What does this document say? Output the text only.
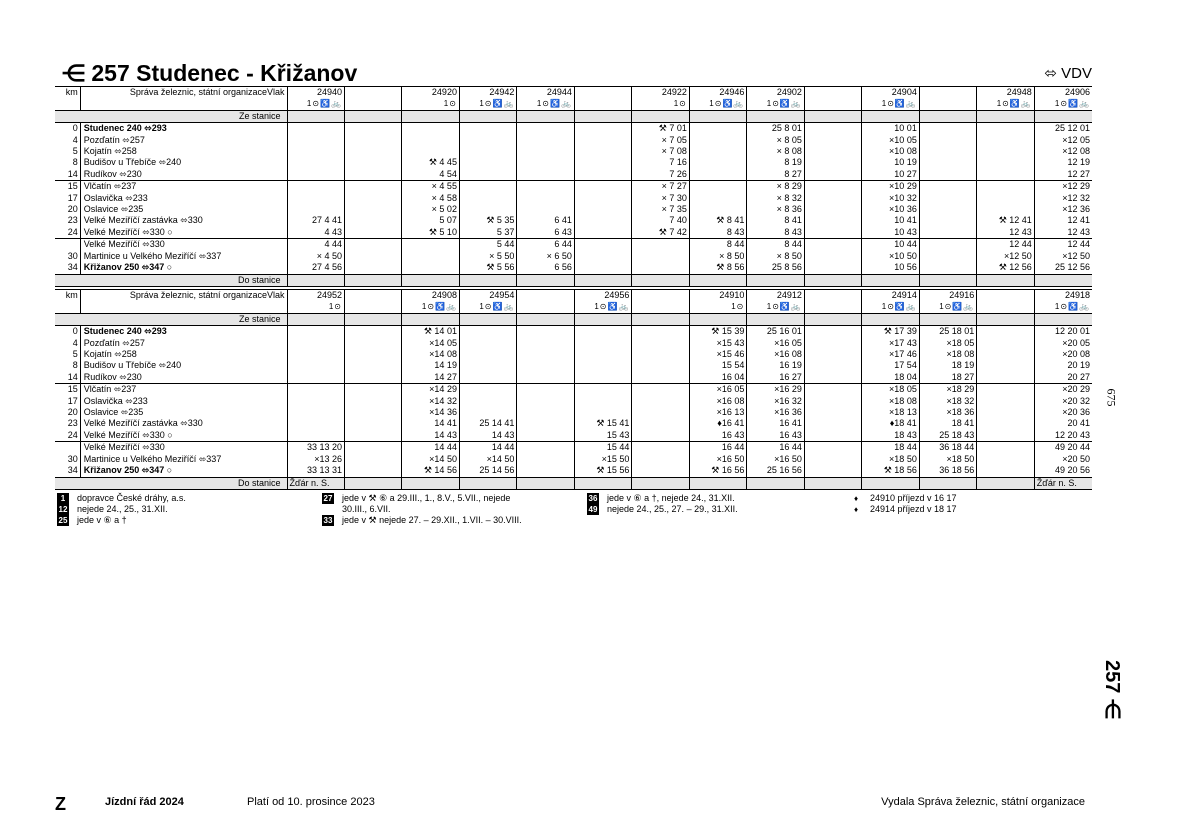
⋲ 257 Studenec - Křižanov	⬄ VDV
km	Správa železnic, státní organizace Vlak	24940		24920	24942	24944		24922	24946	24902		24904		24948	24906
		1⊙♿🚲		1⊙	1⊙♿🚲	1⊙♿🚲		1⊙	1⊙♿🚲	1⊙♿🚲		1⊙♿🚲		1⊙♿🚲	1⊙♿🚲
Ze stanice															
0	Studenec 240 ⬄293							⚒ 7 01		25 8 01		10 01			25 12 01
4	Pozďatín ⬄257							× 7 05		× 8 05		×10 05			×12 05
5	Kojatín ⬄258							× 7 08		× 8 08		×10 08			×12 08
8	Budišov u Třebíče ⬄240			⚒ 4 45				7 16		8 19		10 19			12 19
14	Rudíkov ⬄230			4 54				7 26		8 27		10 27			12 27
15	Vlčatín ⬄237			× 4 55				× 7 27		× 8 29		×10 29			×12 29
17	Oslavička ⬄233			× 4 58				× 7 30		× 8 32		×10 32			×12 32
20	Oslavice ⬄235			× 5 02				× 7 35		× 8 36		×10 36			×12 36
23	Velké Meziříčí zastávka ⬄330	27 4 41		5 07	⚒ 5 35	6 41		7 40	⚒ 8 41	8 41		10 41		⚒ 12 41	12 41
24	Velké Meziříčí ⬄330 ○	4 43		⚒ 5 10	5 37	6 43		⚒ 7 42	8 43	8 43		10 43		12 43	12 43
	Velké Meziříčí ⬄330	4 44			5 44	6 44			8 44	8 44		10 44		12 44	12 44
30	Martinice u Velkého Meziříčí ⬄337	× 4 50			× 5 50	× 6 50			× 8 50	× 8 50		×10 50		×12 50	×12 50
34	Křižanov 250 ⬄347 ○	27 4 56			⚒ 5 56	6 56			⚒ 8 56	25 8 56		10 56		⚒ 12 56	25 12 56
Do stanice															
km	Správa železnic, státní organizace Vlak	24952		24908	24954		24956		24910	24912		24914	24916		24918
		1⊙		1⊙♿🚲	1⊙♿🚲		1⊙♿🚲		1⊙	1⊙♿🚲		1⊙♿🚲	1⊙♿🚲		1⊙♿🚲
Ze stanice															
0	Studenec 240 ⬄293			⚒ 14 01					⚒ 15 39	25 16 01		⚒ 17 39	25 18 01		12 20 01
4	Pozďatín ⬄257			×14 05					×15 43	×16 05		×17 43	×18 05		×20 05
5	Kojatín ⬄258			×14 08					×15 46	×16 08		×17 46	×18 08		×20 08
8	Budišov u Třebíče ⬄240			14 19					15 54	16 19		17 54	18 19		20 19
14	Rudíkov ⬄230			14 27					16 04	16 27		18 04	18 27		20 27
15	Vlčatín ⬄237			×14 29					×16 05	×16 29		×18 05	×18 29		×20 29
17	Oslavička ⬄233			×14 32					×16 08	×16 32		×18 08	×18 32		×20 32
20	Oslavice ⬄235			×14 36					×16 13	×16 36		×18 13	×18 36		×20 36
23	Velké Meziříčí zastávka ⬄330			14 41	25 14 41		⚒ 15 41		♦16 41	16 41		♦18 41	18 41		20 41
24	Velké Meziříčí ⬄330 ○			14 43	14 43		15 43		16 43	16 43		18 43	25 18 43		12 20 43
	Velké Meziříčí ⬄330	33 13 20		14 44	14 44		15 44		16 44	16 44		18 44	36 18 44		49 20 44
30	Martinice u Velkého Meziříčí ⬄337	×13 26		×14 50	×14 50		×15 50		×16 50	×16 50		×18 50	×18 50		×20 50
34	Křižanov 250 ⬄347 ○	33 13 31		⚒ 14 56	25 14 56		⚒ 15 56		⚒ 16 56	25 16 56		⚒ 18 56	36 18 56		49 20 56
Do stanice		Žďár n. S.													Žďár n. S.
1 dopravce České dráhy, a.s.
12 nejede 24., 25., 31.XII.
25 jede v ⑥ a †
27 jede v ⚒ ⑥ a 29.III., 1., 8.V., 5.VII., nejede
30.III., 6.VII.
33 jede v ⚒ nejede 27. – 29.XII., 1.VII. – 30.VIII.
36 jede v ⑥ a †, nejede 24., 31.XII.
49 nejede 24., 25., 27. – 29., 31.XII.
♦ 24910 příjezd v 16 17
♦ 24914 příjezd v 18 17
675
257 ⋲
Z	Jízdní řád 2024	Platí od 10. prosince 2023	Vydala Správa železnic, státní organizace
